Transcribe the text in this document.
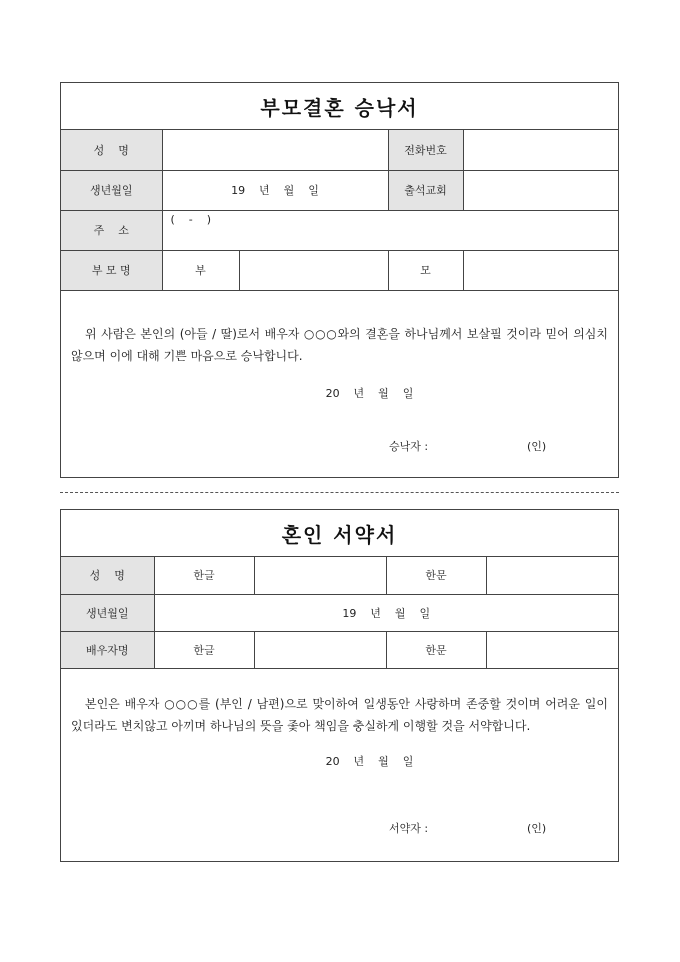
부모결혼 승낙서
성    명			전화번호	
생년월일	19    년    월    일		출석교회	
주    소	(    -    )			
부 모 명	부		모	
위 사람은 본인의 (아들 / 딸)로서 배우자 ○○○와의 결혼을 하나님께서 보살필 것이라 믿어 의심치 않으며 이에 대해 기쁜 마음으로 승낙합니다.
20    년    월    일
승낙자 :	(인)
혼인 서약서
성    명	한글		한문	
생년월일	19    년    월    일			
배우자명	한글		한문	
본인은 배우자 ○○○를 (부인 / 남편)으로 맞이하여 일생동안 사랑하며 존중할 것이며 어려운 일이 있더라도 변치않고 아끼며 하나님의 뜻을 좇아 책임을 충실하게 이행할 것을 서약합니다.
20    년    월    일
서약자 :	(인)
